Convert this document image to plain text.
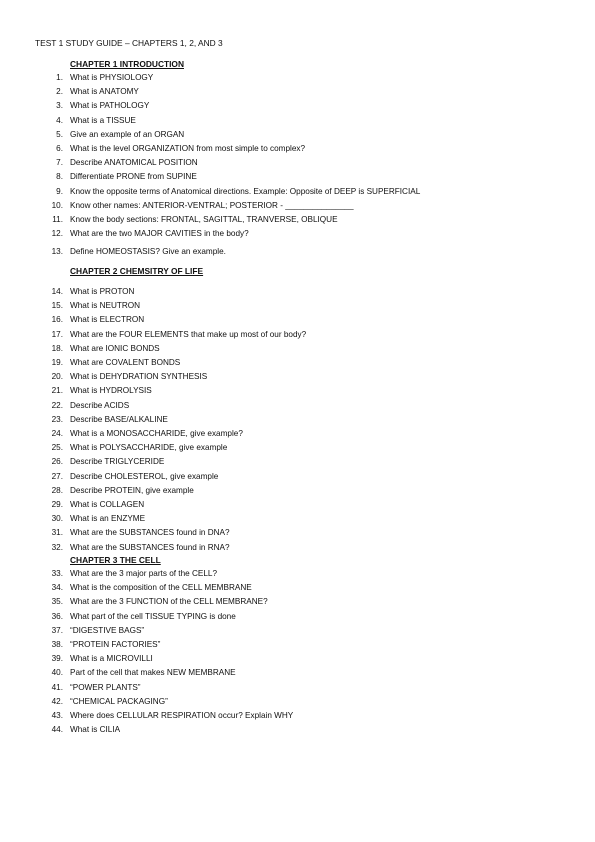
TEST 1 STUDY GUIDE – CHAPTERS 1, 2, AND 3
CHAPTER 1 INTRODUCTION
1. What is PHYSIOLOGY
2. What is ANATOMY
3. What is PATHOLOGY
4. What is a TISSUE
5. Give an example of an ORGAN
6. What is the level ORGANIZATION from most simple to complex?
7. Describe ANATOMICAL POSITION
8. Differentiate PRONE from SUPINE
9. Know the opposite terms of Anatomical directions. Example: Opposite of DEEP is SUPERFICIAL
10. Know other names: ANTERIOR-VENTRAL; POSTERIOR - _______________
11. Know the body sections: FRONTAL, SAGITTAL, TRANVERSE, OBLIQUE
12. What are the two MAJOR CAVITIES in the body?
13. Define HOMEOSTASIS? Give an example.
CHAPTER 2 CHEMSITRY OF LIFE
14. What is PROTON
15. What is NEUTRON
16. What is ELECTRON
17. What are the FOUR ELEMENTS that make up most of our body?
18. What are IONIC BONDS
19. What are COVALENT BONDS
20. What is DEHYDRATION SYNTHESIS
21. What is HYDROLYSIS
22. Describe ACIDS
23. Describe BASE/ALKALINE
24. What is a MONOSACCHARIDE, give example?
25. What is POLYSACCHARIDE, give example
26. Describe TRIGLYCERIDE
27. Describe CHOLESTEROL, give example
28. Describe PROTEIN, give example
29. What is COLLAGEN
30. What is an ENZYME
31. What are the SUBSTANCES found in DNA?
32. What are the SUBSTANCES found in RNA?
CHAPTER 3 THE CELL
33. What are the 3 major parts of the CELL?
34. What is the composition of the CELL MEMBRANE
35. What are the 3 FUNCTION of the CELL MEMBRANE?
36. What part of the cell TISSUE TYPING is done
37. “DIGESTIVE BAGS”
38. “PROTEIN FACTORIES”
39. What is a MICROVILLI
40. Part of the cell that makes NEW MEMBRANE
41. “POWER PLANTS”
42. “CHEMICAL PACKAGING”
43. Where does CELLULAR RESPIRATION occur? Explain WHY
44. What is CILIA
